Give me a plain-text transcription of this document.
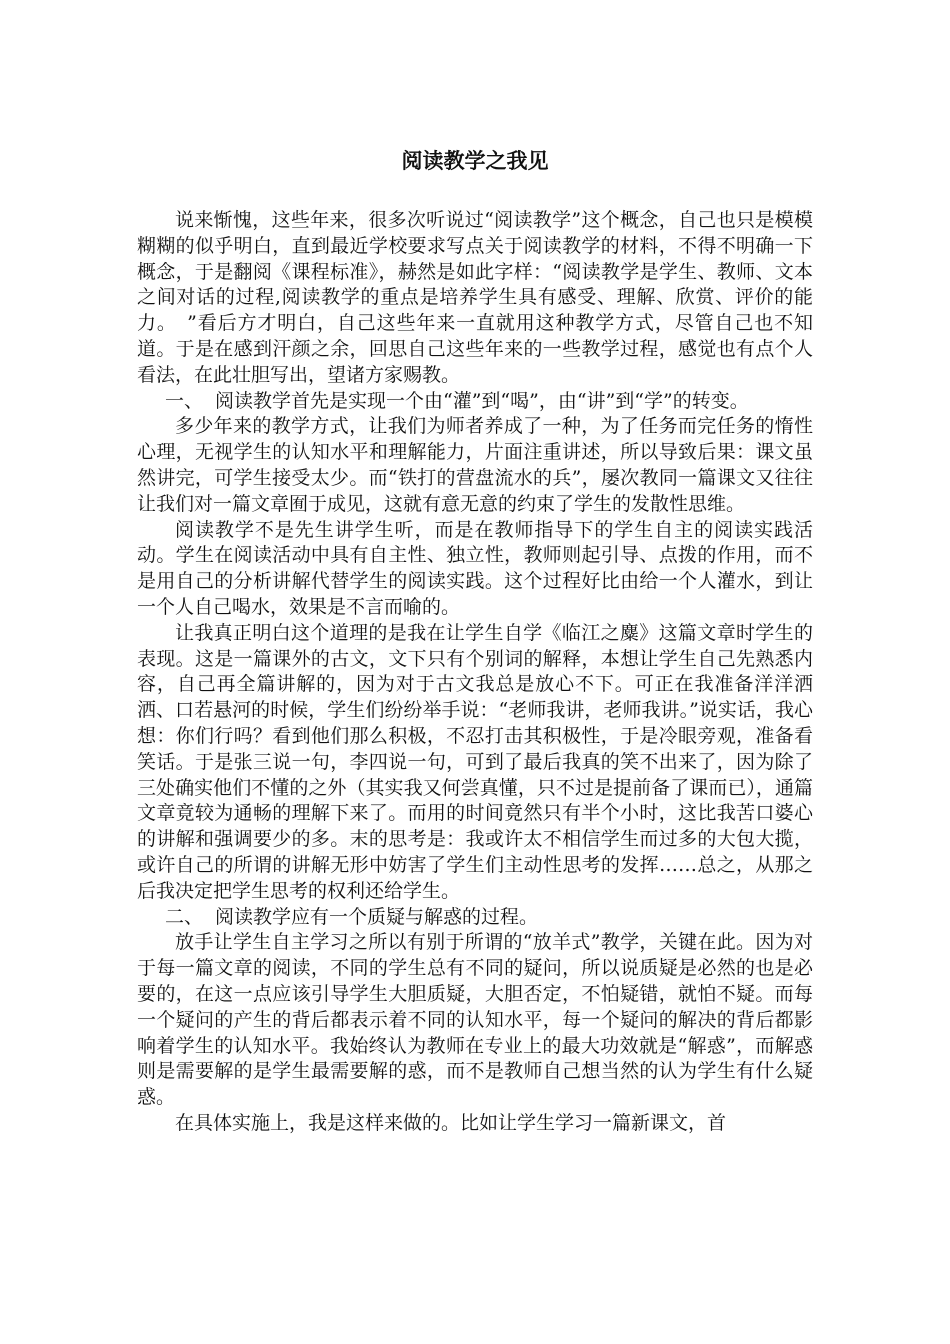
阅读教学之我见

说来惭愧，这些年来，很多次听说过“阅读教学”这个概念，自己也只是模模糊糊的似乎明白，直到最近学校要求写点关于阅读教学的材料，不得不明确一下概念，于是翻阅《课程标准》，赫然是如此字样：“阅读教学是学生、教师、文本之间对话的过程,阅读教学的重点是培养学生具有感受、理解、欣赏、评价的能力。　”看后方才明白，自己这些年来一直就用这种教学方式，尽管自己也不知道。于是在感到汗颜之余，回思自己这些年来的一些教学过程，感觉也有点个人看法，在此壮胆写出，望诸方家赐教。

一、 阅读教学首先是实现一个由“灌”到“喝”，由“讲”到“学”的转变。

多少年来的教学方式，让我们为师者养成了一种，为了任务而完任务的惰性心理，无视学生的认知水平和理解能力，片面注重讲述，所以导致后果：课文虽然讲完，可学生接受太少。而“铁打的营盘流水的兵”，屡次教同一篇课文又往往让我们对一篇文章囿于成见，这就有意无意的约束了学生的发散性思维。

阅读教学不是先生讲学生听，而是在教师指导下的学生自主的阅读实践活动。学生在阅读活动中具有自主性、独立性，教师则起引导、点拨的作用，而不是用自己的分析讲解代替学生的阅读实践。这个过程好比由给一个人灌水，到让一个人自己喝水，效果是不言而喻的。

让我真正明白这个道理的是我在让学生自学《临江之麋》这篇文章时学生的表现。这是一篇课外的古文，文下只有个别词的解释，本想让学生自己先熟悉内容，自己再全篇讲解的，因为对于古文我总是放心不下。可正在我准备洋洋洒洒、口若悬河的时候，学生们纷纷举手说：“老师我讲，老师我讲。”说实话，我心想：你们行吗？看到他们那么积极，不忍打击其积极性，于是冷眼旁观，准备看笑话。于是张三说一句，李四说一句，可到了最后我真的笑不出来了，因为除了三处确实他们不懂的之外（其实我又何尝真懂，只不过是提前备了课而已），通篇文章竟较为通畅的理解下来了。而用的时间竟然只有半个小时，这比我苦口婆心的讲解和强调要少的多。末的思考是：我或许太不相信学生而过多的大包大揽，或许自己的所谓的讲解无形中妨害了学生们主动性思考的发挥……总之，从那之后我决定把学生思考的权利还给学生。

二、 阅读教学应有一个质疑与解惑的过程。

放手让学生自主学习之所以有别于所谓的“放羊式”教学，关键在此。因为对于每一篇文章的阅读，不同的学生总有不同的疑问，所以说质疑是必然的也是必要的，在这一点应该引导学生大胆质疑，大胆否定，不怕疑错，就怕不疑。而每一个疑问的产生的背后都表示着不同的认知水平，每一个疑问的解决的背后都影响着学生的认知水平。我始终认为教师在专业上的最大功效就是“解惑”，而解惑则是需要解的是学生最需要解的惑，而不是教师自己想当然的认为学生有什么疑惑。

在具体实施上，我是这样来做的。比如让学生学习一篇新课文，首
